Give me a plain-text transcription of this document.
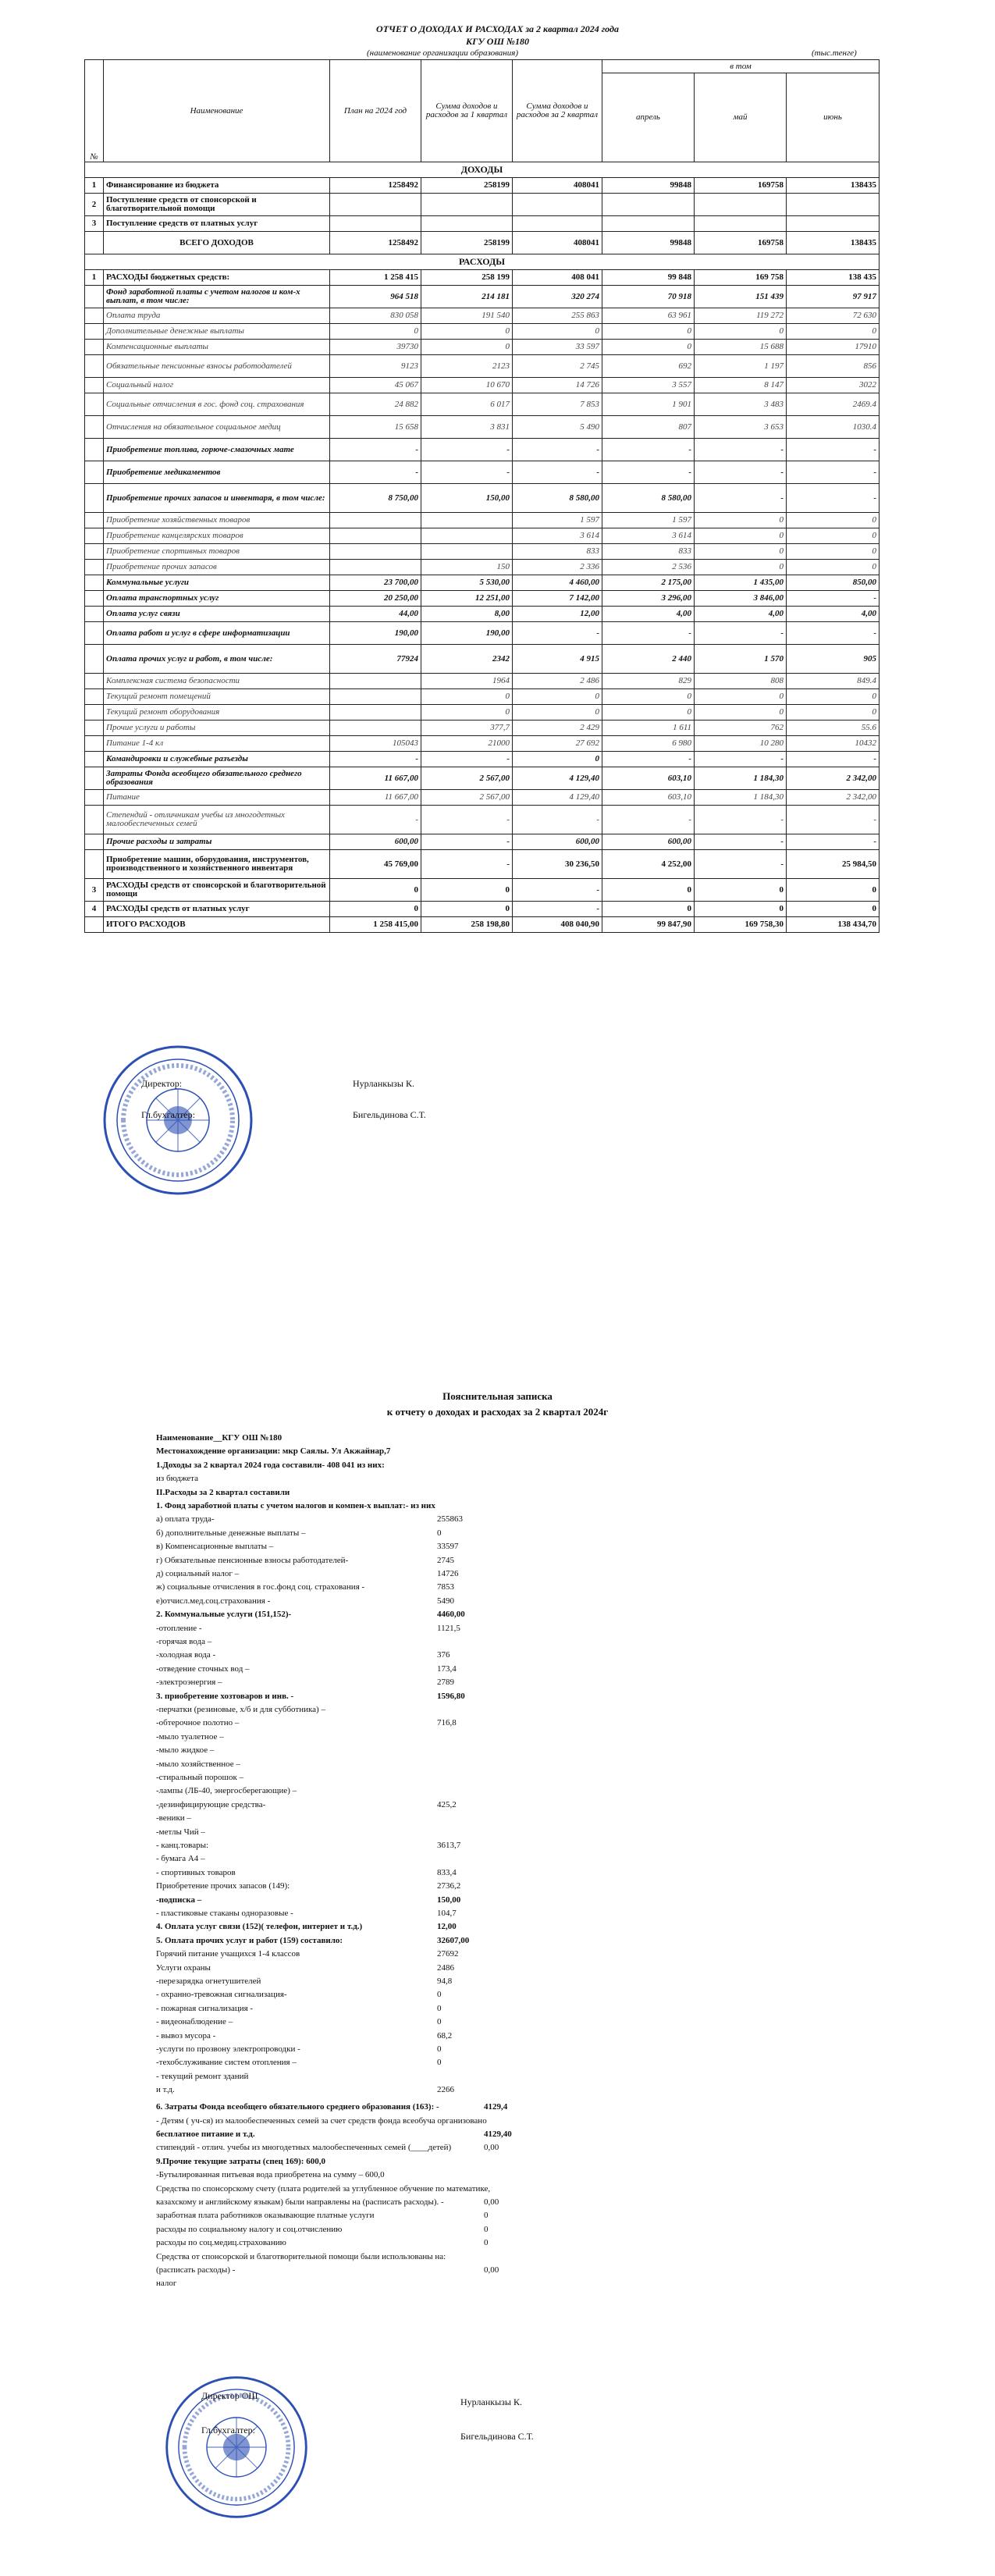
ОТЧЕТ О ДОХОДАХ И РАСХОДАХ за 2 квартал 2024 года
КГУ ОШ №180
(наименование организации образования)	(тыс.тенге)
№	Наименование	План на 2024 год	Сумма доходов и расходов за 1 квартал	Сумма доходов и расходов за 2 квартал	в том		
					апрель	май	июнь

ДОХОДЫ							
1	Финансирование из бюджета	1258492	258199	408041	99848	169758	138435
2	Поступление средств от спонсорской и благотворительной помощи						
3	Поступление средств от платных услуг						
	ВСЕГО ДОХОДОВ	1258492	258199	408041	99848	169758	138435
РАСХОДЫ							
1	РАСХОДЫ бюджетных средств:	1 258 415	258 199	408 041	99 848	169 758	138 435
	Фонд заработной платы с учетом налогов и ком-х выплат, в том числе:	964 518	214 181	320 274	70 918	151 439	97 917
	Оплата труда	830 058	191 540	255 863	63 961	119 272	72 630
	Дополнительные денежные выплаты	0	0	0	0	0	0
	Компенсационные выплаты	39730	0	33 597	0	15 688	17910
	Обязательные пенсионные взносы работодателей	9123	2123	2 745	692	1 197	856
	Социальный налог	45 067	10 670	14 726	3 557	8 147	3022
	Социальные отчисления в гос. фонд соц. страхования	24 882	6 017	7 853	1 901	3 483	2469.4
	Отчисления на обязательное социальное медиц	15 658	3 831	5 490	807	3 653	1030.4
	Приобретение топлива, горюче-смазочных мате	-	-	-	-	-	-
	Приобретение медикаментов	-	-	-	-	-	-
	Приобретение прочих запасов и инвентаря, в том числе:	8 750,00	150,00	8 580,00	8 580,00	-	-
	Приобретение хозяйственных товаров			1 597	1 597	0	0
	Приобретение канцелярских товаров			3 614	3 614	0	0
	Приобретение спортивных товаров			833	833	0	0
	Приобретение прочих запасов		150	2 336	2 536	0	0
	Коммунальные услуги	23 700,00	5 530,00	4 460,00	2 175,00	1 435,00	850,00
	Оплата транспортных услуг	20 250,00	12 251,00	7 142,00	3 296,00	3 846,00	-
	Оплата услуг связи	44,00	8,00	12,00	4,00	4,00	4,00
	Оплата работ и услуг в сфере информатизации	190,00	190,00	-	-	-	-
	Оплата прочих услуг и работ, в том числе:	77924	2342	4 915	2 440	1 570	905
	Комплексная система безопасности		1964	2 486	829	808	849.4
	Текущий ремонт помещений		0	0	0	0	0
	Текущий ремонт оборудования		0	0	0	0	0
	Прочие услуги и работы		377,7	2 429	1 611	762	55.6
	Питание 1-4 кл	105043	21000	27 692	6 980	10 280	10432
	Командировки и служебные разъезды	-	-	0	-	-	-
	Затраты Фонда всеобщего обязательного среднего образования	11 667,00	2 567,00	4 129,40	603,10	1 184,30	2 342,00
	Питание	11 667,00	2 567,00	4 129,40	603,10	1 184,30	2 342,00
	Степендий - отличникам учебы из многодетных малообеспеченных семей	-	-	-	-	-	-
	Прочие расходы и затраты	600,00	-	600,00	600,00	-	-
	Приобретение машин, оборудования, инструментов, производственного и хозяйственного инвентаря	45 769,00	-	30 236,50	4 252,00	-	25 984,50
3	РАСХОДЫ средств от спонсорской и благотворительной помощи	0	0	-	0	0	0
4	РАСХОДЫ средств от платных услуг	0	0	-	0	0	0
	ИТОГО РАСХОДОВ	1 258 415,00	258 198,80	408 040,90	99 847,90	169 758,30	138 434,70
Директор:	Нурланкызы К.
Гл.бухгалтер:	Бигельдинова С.Т.
Пояснительная записка
к отчету о доходах и расходах за 2 квартал 2024г
Наименование__КГУ ОШ №180
Местонахождение организации: мкр Саялы. Ул Акжайнар,7
1.Доходы за 2 квартал 2024 года составили- 408 041 из них:
из бюджета
II.Расходы за 2 квартал составили
1. Фонд заработной платы с учетом налогов и компен-х выплат:- из них
а) оплата труда-	255863
б) дополнительные денежные выплаты –	0
в) Компенсационные выплаты –	33597
г) Обязательные пенсионные взносы работодателей-	2745
д) социальный налог –	14726
ж) социальные отчисления в гос.фонд соц. страхования -	7853
е)отчисл.мед.соц.страхования -	5490
2. Коммунальные услуги (151,152)-	4460,00
-отопление -	1121,5
-горячая вода –
-холодная вода -	376
-отведение сточных вод –	173,4
-электроэнергия –	2789
3. приобретение хозтоваров и инв. -	1596,80
-перчатки (резиновые, х/б и для субботника) –
-обтерочное полотно –	716,8
-мыло туалетное –
-мыло жидкое –
-мыло хозяйственное –
-стиральный порошок –
-лампы (ЛБ-40, энергосберегающие) –
-дезинфицирующие средства-	425,2
-веники –
-метлы Чий –
- канц.товары:	3613,7
- бумага А4 –
- спортивных товаров	833,4
Приобретение прочих запасов (149):	2736,2
-подписка –	150,00
- пластиковые стаканы одноразовые -	104,7
4. Оплата услуг связи (152)( телефон, интернет и т.д.)	12,00
5. Оплата прочих услуг и работ (159) составило:	32607,00
Горячий питание учащихся 1-4 классов	27692
Услуги охраны	2486
-перезарядка огнетушителей	94,8
- охранно-тревожная сигнализация-	0
- пожарная сигнализация -	0
- видеонаблюдение –	0
- вывоз мусора -	68,2
-услуги по прозвону электропроводки -	0
-техобслуживание систем отопления –	0
- текущий ремонт зданий
и т.д.	2266
6. Затраты Фонда всеобщего обязательного среднего образования (163): -	4129,4
- Детям ( уч-ся) из малообеспеченных семей за счет средств фонда всеобуча организовано
бесплатное питание и т.д.	4129,40
стипендий - отлич. учебы из многодетных малообеспеченных семей (____детей)	0,00
9.Прочие текущие затраты (спец 169): 600,0
-Бутылированная питьевая вода приобретена на сумму – 600,0
Средства по спонсорскому счету (плата родителей за углубленное обучение по математике,
казахскому и английскому языкам) были направлены на (расписать расходы). -	0,00
заработная плата работников оказывающие платные услуги	0
расходы по социальному налогу и соц.отчислению	0
расходы по соц.медиц.страхованию	0
Средства от спонсорской и благотворительной помощи были использованы на:
(расписать расходы) -	0,00
налог
Директор ОШ
Нурланкызы К.
Гл.бухгалтер:
Бигельдинова С.Т.
